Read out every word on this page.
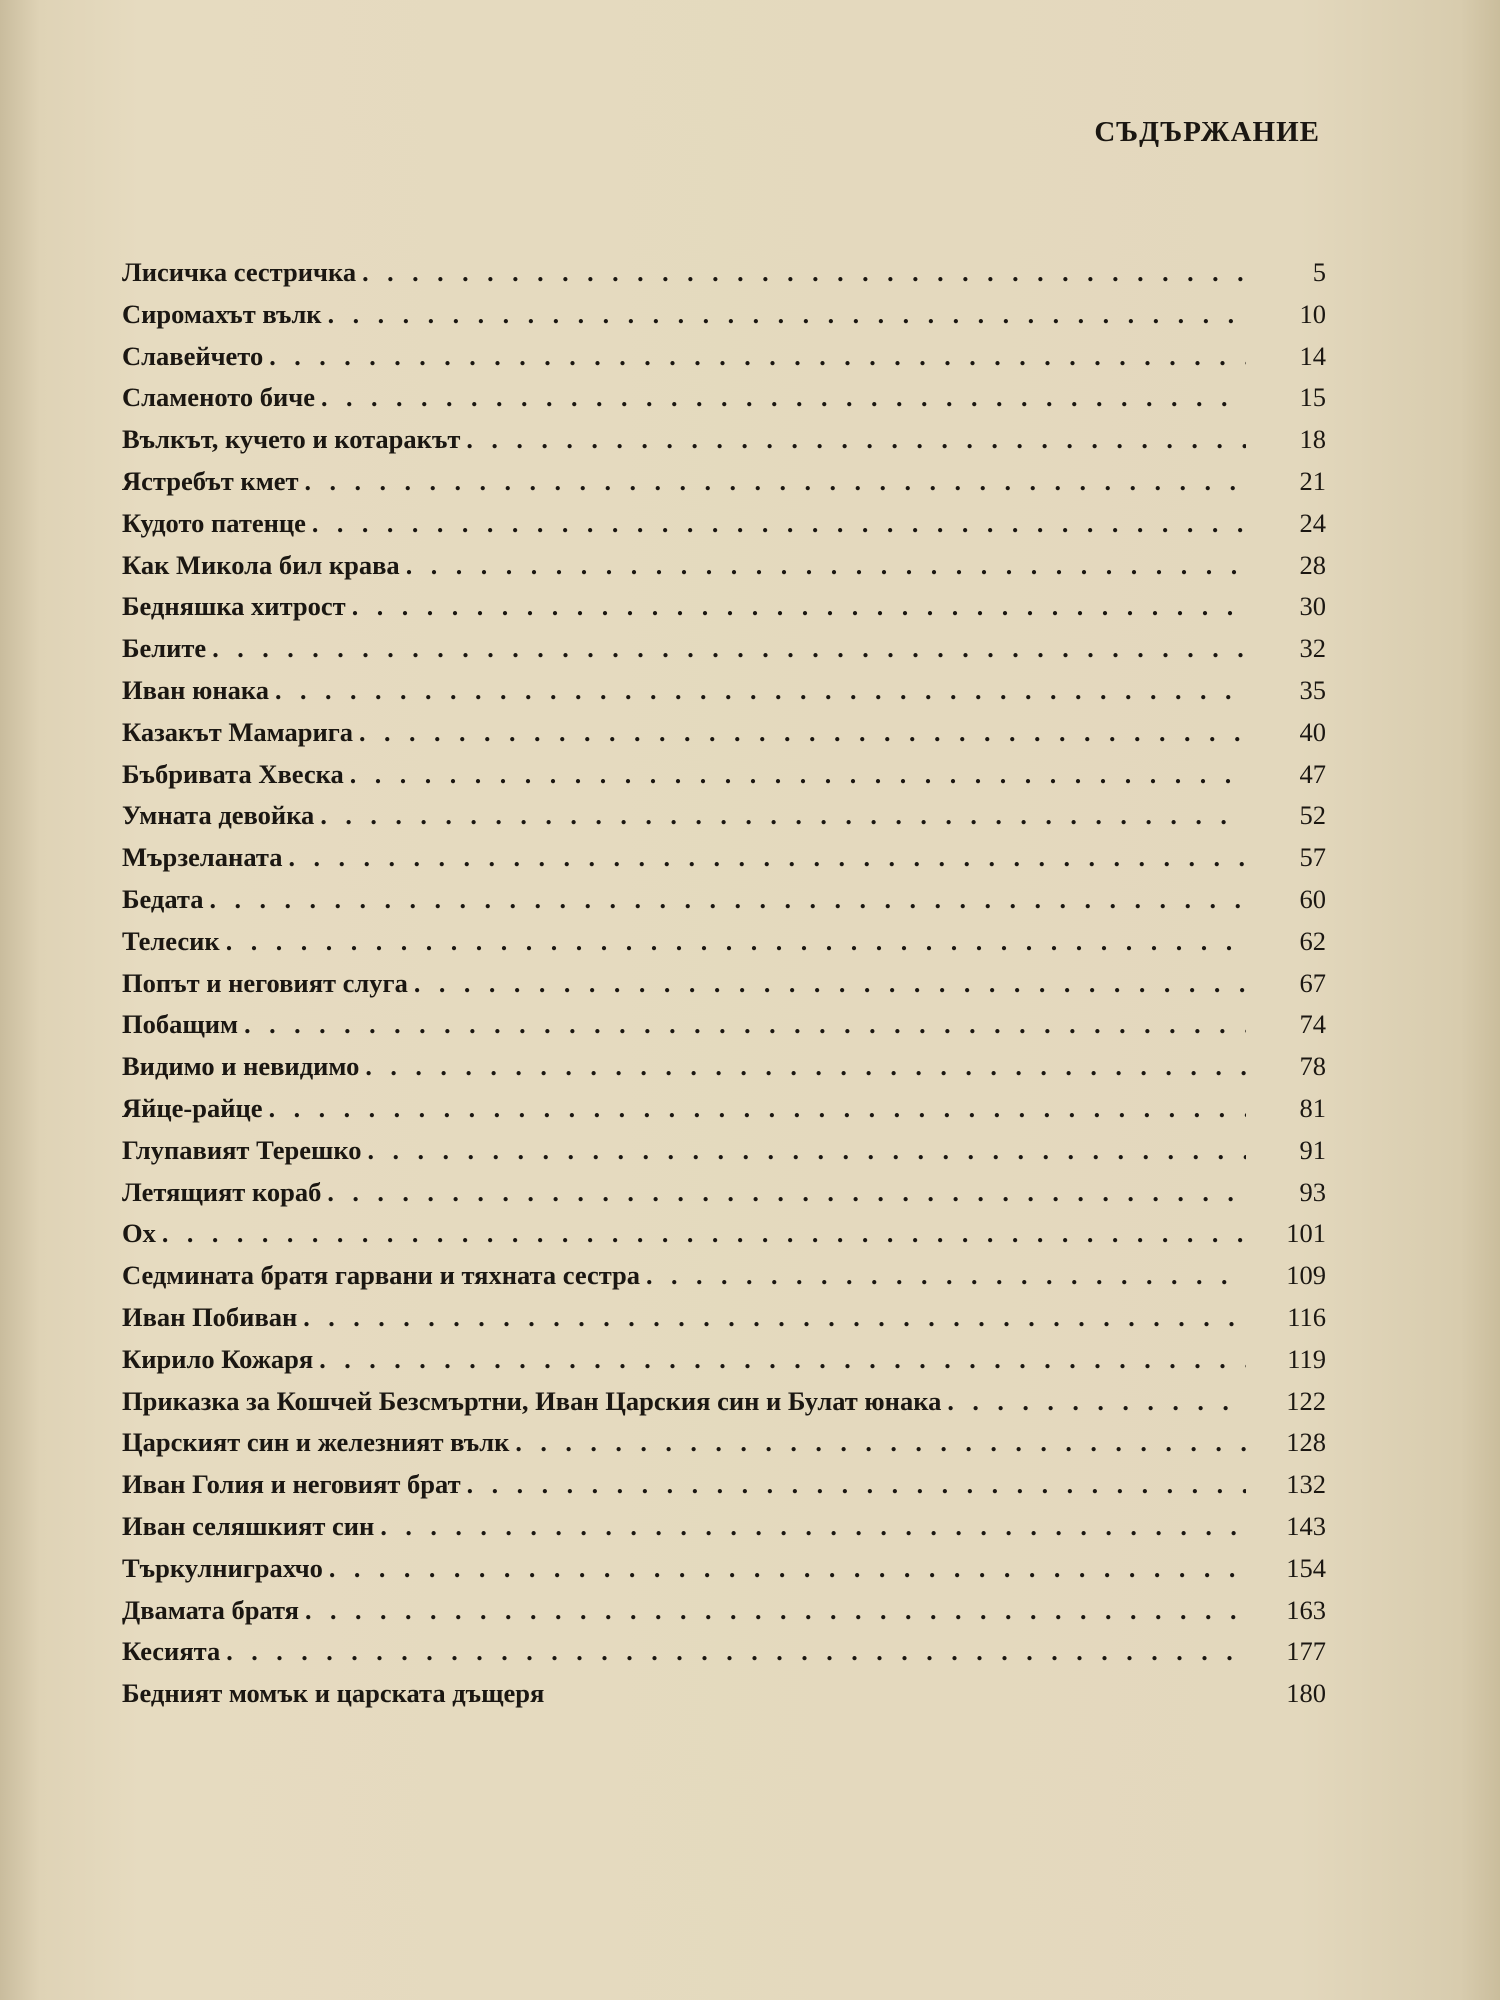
СЪДЪРЖАНИЕ
Лисичка сестричка . . .	5
Сиромахът вълк . . .	10
Славейчето . . .	14
Сламеното биче . . .	15
Вълкът, кучето и котаракът . . .	18
Ястребът кмет . . .	21
Кудото патенце . . .	24
Как Микола бил крава . . .	28
Бедняшка хитрост . . .	30
Белите . . .	32
Иван юнака . . .	35
Казакът Мамарига . . .	40
Бъбривата Хвеска . . .	47
Умната девойка . . .	52
Мързеланата . . .	57
Бедата . . .	60
Телесик . . .	62
Попът и неговият слуга . . .	67
Побащим . . .	74
Видимо и невидимо . . .	78
Яйце-райце . . .	81
Глупавият Терешко . . .	91
Летящият кораб . . .	93
Ох . . .	101
Седмината братя гарвани и тяхната сестра . . .	109
Иван Побиван . . .	116
Кирило Кожаря . . .	119
Приказка за Кошчей Безсмъртни, Иван Царския син и Булат юнака . . .	122
Царският син и железният вълк . . .	128
Иван Голия и неговият брат . . .	132
Иван селяшкият син . . .	143
Търкулниграхчо . . .	154
Двамата братя . . .	163
Кесията . . .	177
Бедният момък и царската дъщеря	180
